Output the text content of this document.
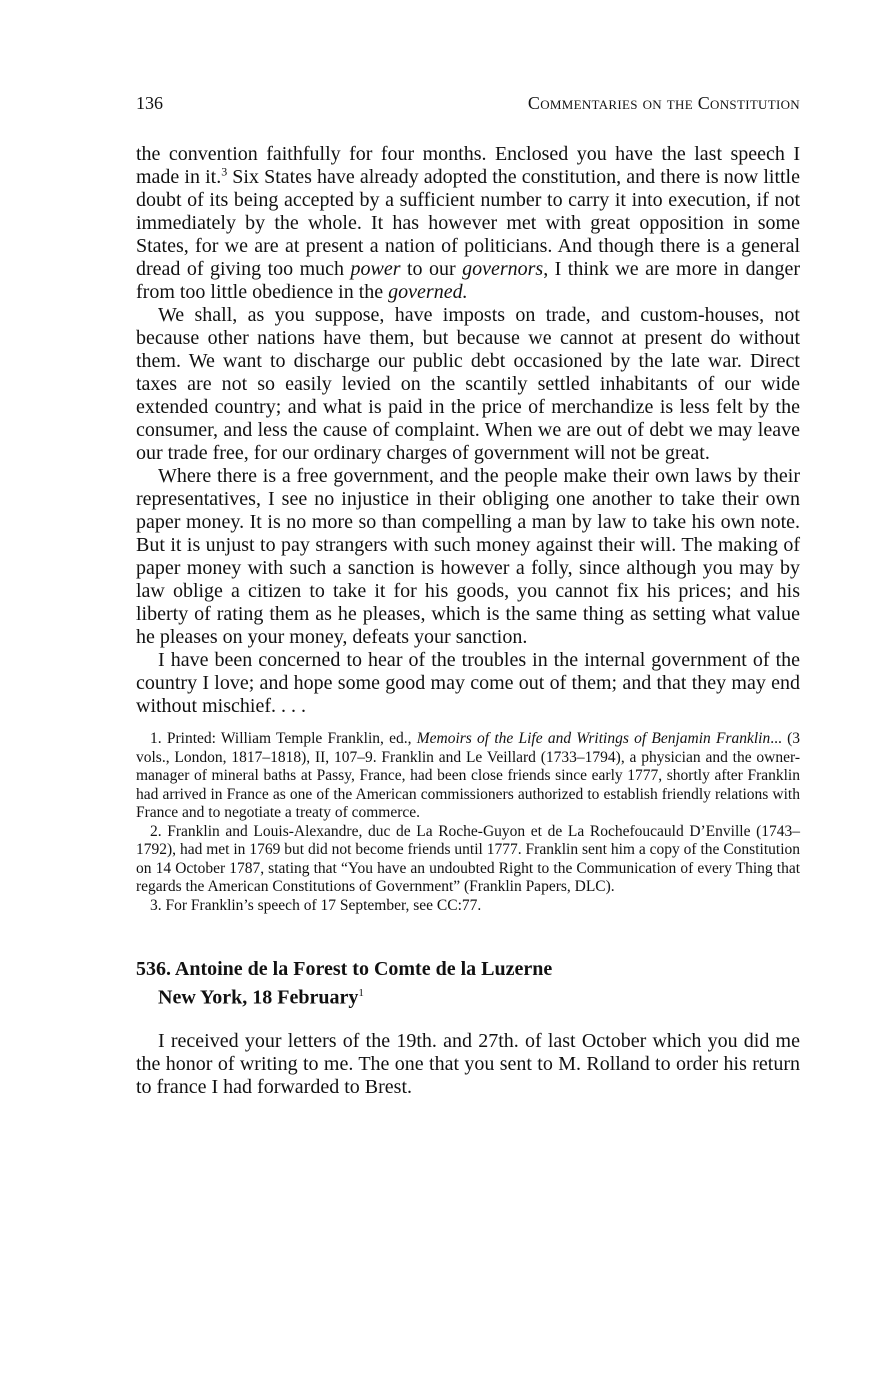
136	Commentaries on the Constitution

the convention faithfully for four months. Enclosed you have the last speech I made in it.$^3$ Six States have already adopted the constitution, and there is now little doubt of its being accepted by a sufficient number to carry it into execution, if not immediately by the whole. It has however met with great opposition in some States, for we are at present a nation of politicians. And though there is a general dread of giving too much power to our governors, I think we are more in danger from too little obedience in the governed.

We shall, as you suppose, have imposts on trade, and custom-houses, not because other nations have them, but because we cannot at present do without them. We want to discharge our public debt occasioned by the late war. Direct taxes are not so easily levied on the scantily settled inhabitants of our wide extended country; and what is paid in the price of merchandize is less felt by the consumer, and less the cause of complaint. When we are out of debt we may leave our trade free, for our ordinary charges of government will not be great.

Where there is a free government, and the people make their own laws by their representatives, I see no injustice in their obliging one another to take their own paper money. It is no more so than compelling a man by law to take his own note. But it is unjust to pay strangers with such money against their will. The making of paper money with such a sanction is however a folly, since although you may by law oblige a citizen to take it for his goods, you cannot fix his prices; and his liberty of rating them as he pleases, which is the same thing as setting what value he pleases on your money, defeats your sanction.

I have been concerned to hear of the troubles in the internal government of the country I love; and hope some good may come out of them; and that they may end without mischief. . . .

1. Printed: William Temple Franklin, ed., Memoirs of the Life and Writings of Benjamin Franklin... (3 vols., London, 1817–1818), II, 107–9. Franklin and Le Veillard (1733–1794), a physician and the owner-manager of mineral baths at Passy, France, had been close friends since early 1777, shortly after Franklin had arrived in France as one of the American commissioners authorized to establish friendly relations with France and to negotiate a treaty of commerce.

2. Franklin and Louis-Alexandre, duc de La Roche-Guyon et de La Rochefoucauld D’Enville (1743–1792), had met in 1769 but did not become friends until 1777. Franklin sent him a copy of the Constitution on 14 October 1787, stating that “You have an undoubted Right to the Communication of every Thing that regards the American Constitutions of Government” (Franklin Papers, DLC).

3. For Franklin’s speech of 17 September, see CC:77.

536. Antoine de la Forest to Comte de la Luzerne
New York, 18 February$^1$

I received your letters of the 19th. and 27th. of last October which you did me the honor of writing to me. The one that you sent to M. Rolland to order his return to france I had forwarded to Brest.
